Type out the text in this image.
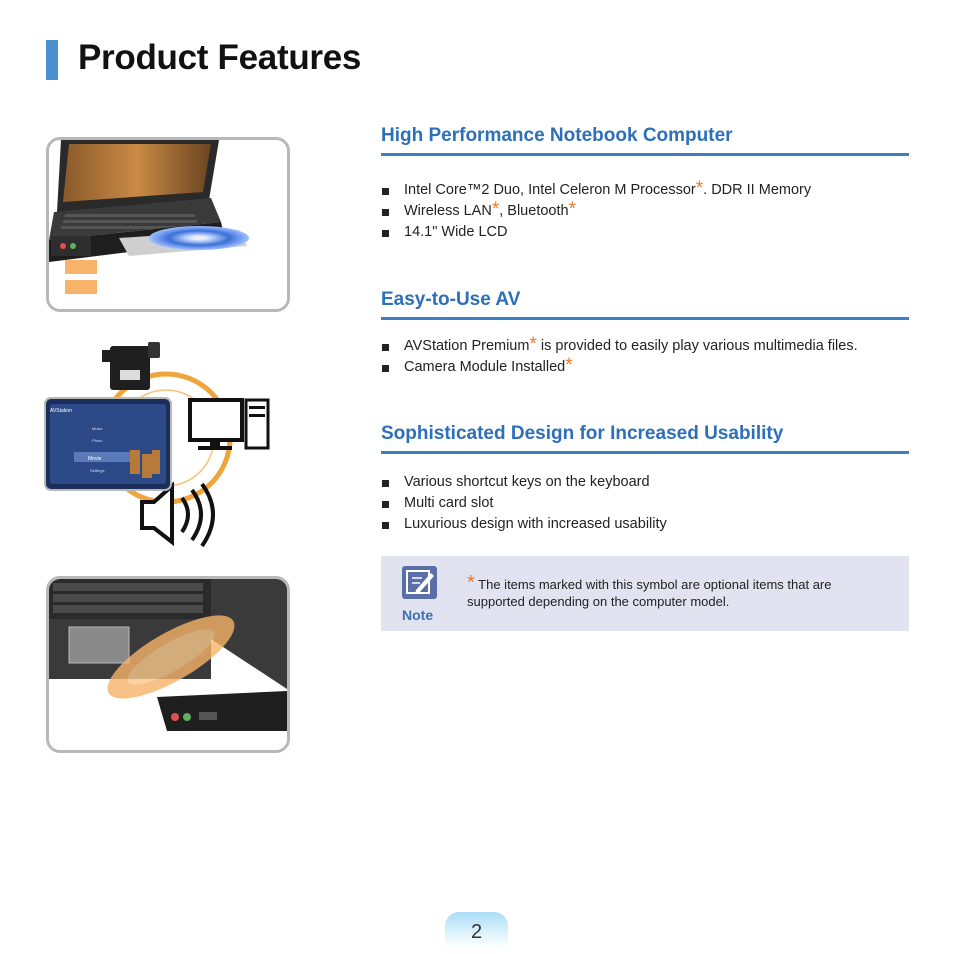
Product Features
AVStation
Music
Photo
Movie
Settings
High Performance Notebook Computer
Intel Core™2 Duo, Intel Celeron M Processor*. DDR II Memory
Wireless LAN*, Bluetooth*
14.1" Wide LCD
Easy-to-Use AV
AVStation Premium* is provided to easily play various multimedia files.
Camera Module Installed*
Sophisticated Design for Increased Usability
Various shortcut keys on the keyboard
Multi card slot
Luxurious design with increased usability
Note
* The items marked with this symbol are optional items that are supported depending on the computer model.
2
